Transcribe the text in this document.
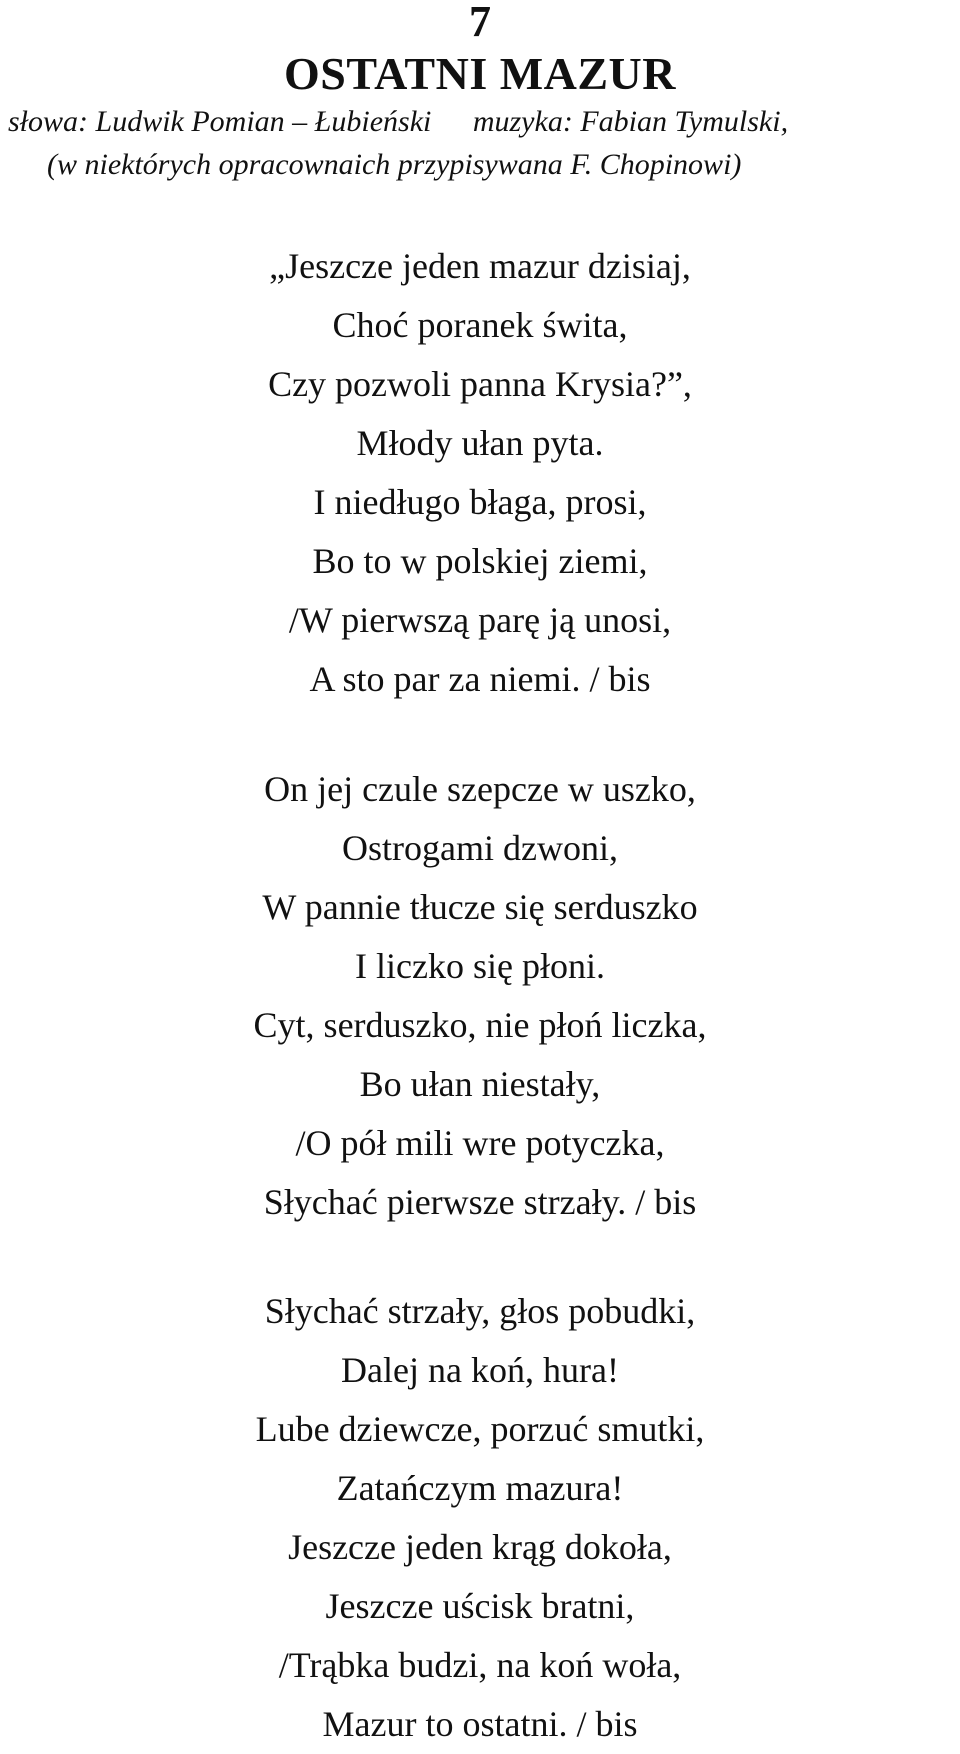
7
OSTATNI MAZUR
słowa: Ludwik Pomian – Łubieński muzyka: Fabian Tymulski,
(w niektórych opracownaich przypisywana F. Chopinowi)
„Jeszcze jeden mazur dzisiaj,
Choć poranek świta,
Czy pozwoli panna Krysia?”,
Młody ułan pyta.
I niedługo błaga, prosi,
Bo to w polskiej ziemi,
/W pierwszą parę ją unosi,
A sto par za niemi. / bis
On jej czule szepcze w uszko,
Ostrogami dzwoni,
W pannie tłucze się serduszko
I liczko się płoni.
Cyt, serduszko, nie płoń liczka,
Bo ułan niestały,
/O pół mili wre potyczka,
Słychać pierwsze strzały. / bis
Słychać strzały, głos pobudki,
Dalej na koń, hura!
Lube dziewcze, porzuć smutki,
Zatańczym mazura!
Jeszcze jeden krąg dokoła,
Jeszcze uścisk bratni,
/Trąbka budzi, na koń woła,
Mazur to ostatni. / bis
